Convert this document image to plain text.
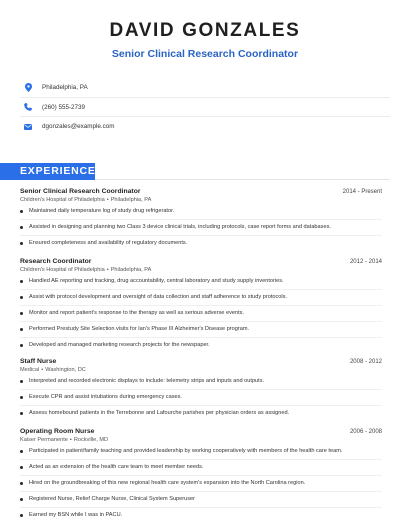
DAVID GONZALES
Senior Clinical Research Coordinator
Philadelphia, PA
(260) 555-2739
dgonzales@example.com
EXPERIENCE
Senior Clinical Research Coordinator	2014 - Present
Children's Hospital of Philadelphia • Philadelphia, PA
Maintained daily temperature log of study drug refrigerator.
Assisted in designing and planning two Class 3 device clinical trials, including protocols, case report forms and databases.
Ensured completeness and availability of regulatory documents.
Research Coordinator	2012 - 2014
Children's Hospital of Philadelphia • Philadelphia, PA
Handled AE reporting and tracking, drug accountability, central laboratory and study supply inventories.
Assist with protocol development and oversight of data collection and staff adherence to study protocols.
Monitor and report patient's response to the therapy as well as serious adverse events.
Performed Prestudy Site Selection visits for Ian's Phase III Alzheimer's Disease program.
Developed and managed marketing research projects for the newspaper.
Staff Nurse	2008 - 2012
Medical • Washington, DC
Interpreted and recorded electronic displays to include: telemetry strips and inputs and outputs.
Execute CPR and assist intubations during emergency cases.
Assess homebound patients in the Terrebonne and Lafourche parishes per physician orders as assigned.
Operating Room Nurse	2006 - 2008
Kaiser Permanente • Rockville, MD
Participated in patient/family teaching and provided leadership by working cooperatively with members of the health care team.
Acted as an extension of the health care team to meet member needs.
Hired on the groundbreaking of this new regional health care system's expansion into the North Carolina region.
Registered Nurse, Relief Charge Nurse, Clinical System Superuser
Earned my BSN while I was in PACU.
